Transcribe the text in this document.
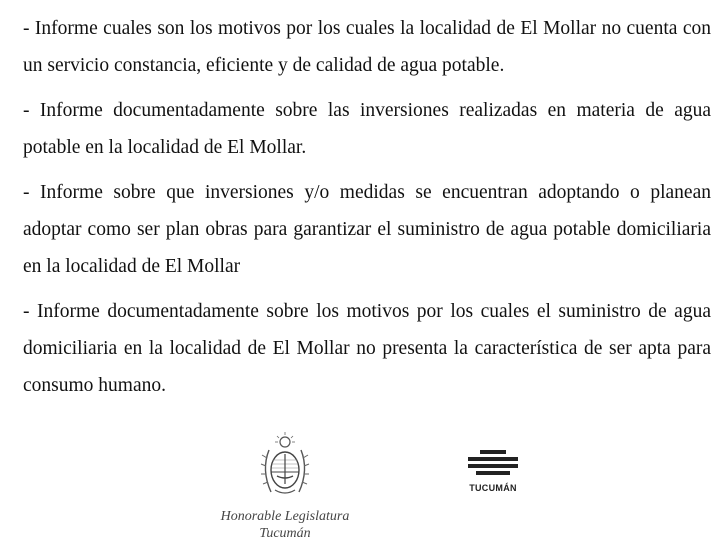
- Informe cuales son los motivos por los cuales la localidad de El Mollar no cuenta con un servicio constancia, eficiente y de calidad de agua potable.

- Informe documentadamente sobre las inversiones realizadas en materia de agua potable en la localidad de El Mollar.

- Informe sobre que inversiones y/o medidas se encuentran adoptando o planean adoptar como ser plan obras para garantizar el suministro de agua potable domiciliaria en la localidad de El Mollar

- Informe documentadamente sobre los motivos por los cuales el suministro de agua domiciliaria en la localidad de El Mollar no presenta la característica de ser apta para consumo humano.

Honorable Legislatura
Tucumán
TUCUMÁN
